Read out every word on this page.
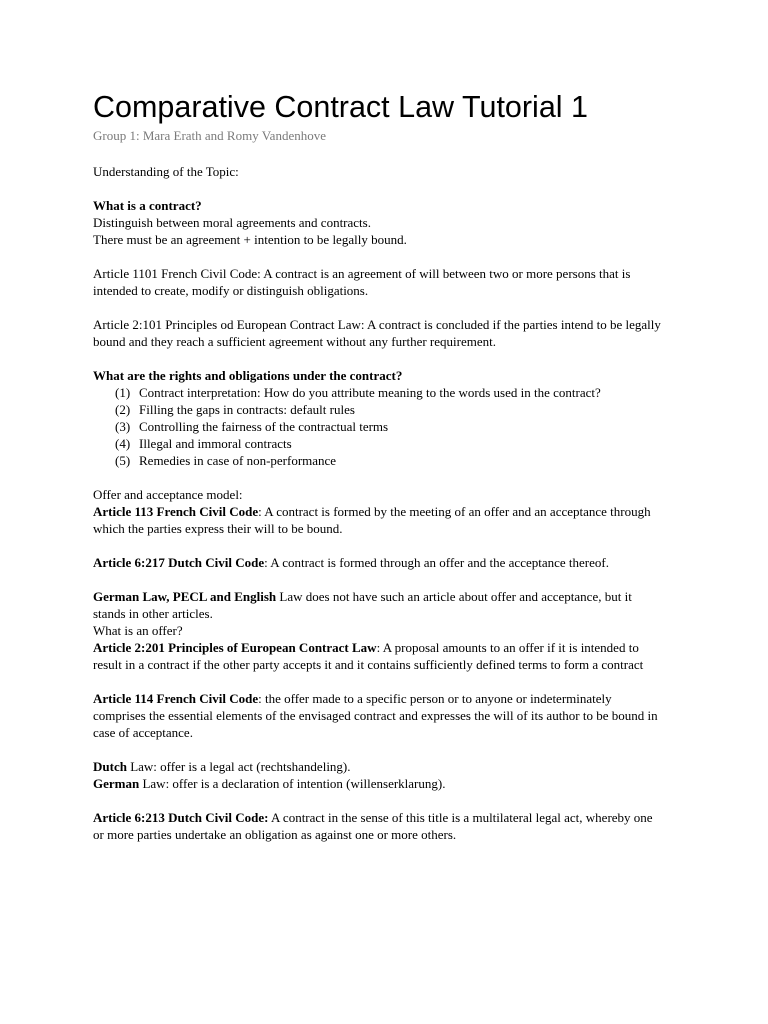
Comparative Contract Law Tutorial 1

Group 1: Mara Erath and Romy Vandenhove

Understanding of the Topic:

What is a contract?

Distinguish between moral agreements and contracts.

There must be an agreement + intention to be legally bound.

Article 1101 French Civil Code: A contract is an agreement of will between two or more persons that is intended to create, modify or distinguish obligations.

Article 2:101 Principles od European Contract Law: A contract is concluded if the parties intend to be legally bound and they reach a sufficient agreement without any further requirement.

What are the rights and obligations under the contract?

(1) Contract interpretation: How do you attribute meaning to the words used in the contract?
(2) Filling the gaps in contracts: default rules
(3) Controlling the fairness of the contractual terms
(4) Illegal and immoral contracts
(5) Remedies in case of non-performance

Offer and acceptance model:

Article 113 French Civil Code: A contract is formed by the meeting of an offer and an acceptance through which the parties express their will to be bound.

Article 6:217 Dutch Civil Code: A contract is formed through an offer and the acceptance thereof.

German Law, PECL and English Law does not have such an article about offer and acceptance, but it stands in other articles.

What is an offer?

Article 2:201 Principles of European Contract Law: A proposal amounts to an offer if it is intended to result in a contract if the other party accepts it and it contains sufficiently defined terms to form a contract

Article 114 French Civil Code: the offer made to a specific person or to anyone or indeterminately comprises the essential elements of the envisaged contract and expresses the will of its author to be bound in case of acceptance.

Dutch Law: offer is a legal act (rechtshandeling).

German Law: offer is a declaration of intention (willenserklarung).

Article 6:213 Dutch Civil Code: A contract in the sense of this title is a multilateral legal act, whereby one or more parties undertake an obligation as against one or more others.
